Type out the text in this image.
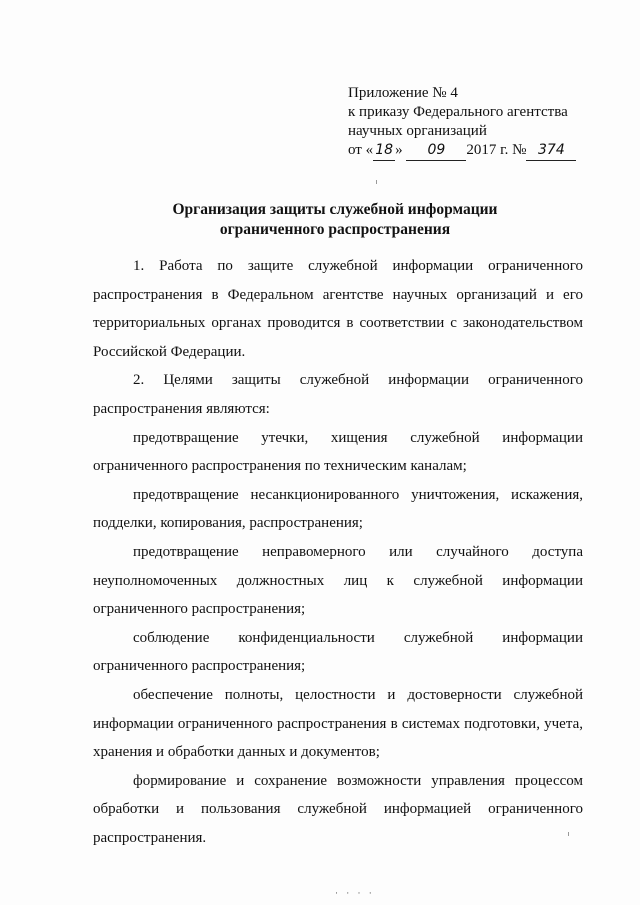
Приложение № 4
к приказу Федерального агентства
научных организаций
от « 18 » 09 2017 г. № 374
Организация защиты служебной информации
ограниченного распространения

1. Работа по защите служебной информации ограниченного распространения в Федеральном агентстве научных организаций и его территориальных органах проводится в соответствии с законодательством Российской Федерации.

2. Целями защиты служебной информации ограниченного распространения являются:

предотвращение утечки, хищения служебной информации ограниченного распространения по техническим каналам;

предотвращение несанкционированного уничтожения, искажения, подделки, копирования, распространения;

предотвращение неправомерного или случайного доступа неуполномоченных должностных лиц к служебной информации ограниченного распространения;

соблюдение конфиденциальности служебной информации ограниченного распространения;

обеспечение полноты, целостности и достоверности служебной информации ограниченного распространения в системах подготовки, учета, хранения и обработки данных и документов;

формирование и сохранение возможности управления процессом обработки и пользования служебной информацией ограниченного распространения.

· · · ·
